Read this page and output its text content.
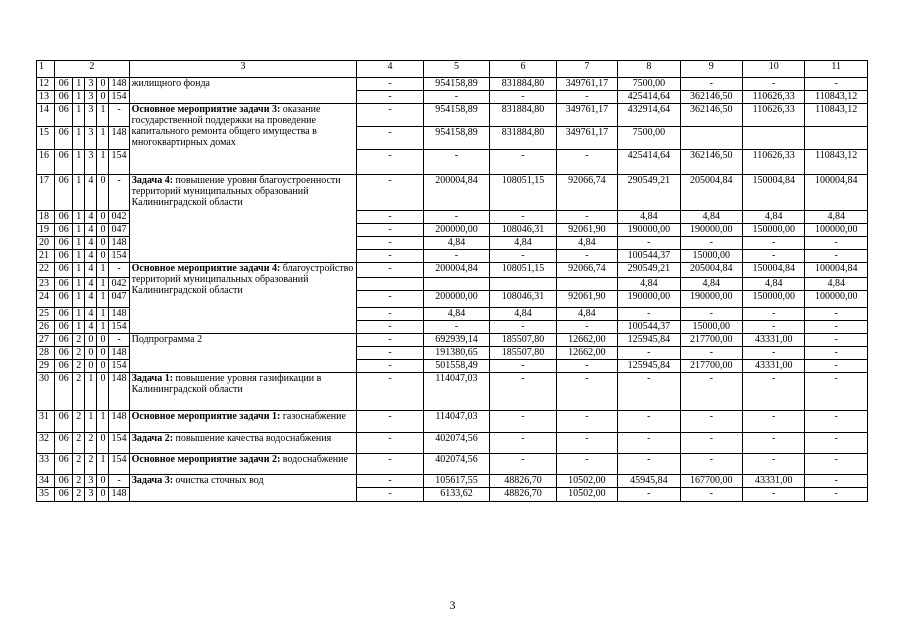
1	2					3	4	5	6	7	8	9	10	11
12	06	1	3	0	148	жилищного фонда	-	954158,89	831884,80	349761,17	7500,00	-	-	-
13	06	1	3	0	154		-	-	-	-	425414,64	362146,50	110626,33	110843,12
14	06	1	3	1	-	Основное мероприятие задачи 3: оказание государственной поддержки на проведение капитального ремонта общего имущества в многоквартирных домах	-	954158,89	831884,80	349761,17	432914,64	362146,50	110626,33	110843,12
15	06	1	3	1	148		-	954158,89	831884,80	349761,17	7500,00			
16	06	1	3	1	154		-	-	-	-	425414,64	362146,50	110626,33	110843,12
17	06	1	4	0	-	Задача 4: повышение уровня благоустроенности территорий муниципальных образований Калининградской области	-	200004,84	108051,15	92066,74	290549,21	205004,84	150004,84	100004,84
18	06	1	4	0	042		-	-	-	-	4,84	4,84	4,84	4,84
19	06	1	4	0	047		-	200000,00	108046,31	92061,90	190000,00	190000,00	150000,00	100000,00
20	06	1	4	0	148		-	4,84	4,84	4,84	-	-	-	-
21	06	1	4	0	154		-	-	-	-	100544,37	15000,00	-	-
22	06	1	4	1	-	Основное мероприятие задачи 4: благоустройство территорий муниципальных образований Калининградской области	-	200004,84	108051,15	92066,74	290549,21	205004,84	150004,84	100004,84
23	06	1	4	1	042						4,84	4,84	4,84	4,84
24	06	1	4	1	047		-	200000,00	108046,31	92061,90	190000,00	190000,00	150000,00	100000,00
25	06	1	4	1	148		-	4,84	4,84	4,84	-	-	-	-
26	06	1	4	1	154		-	-	-	-	100544,37	15000,00	-	-
27	06	2	0	0	-	Подпрограмма 2	-	692939,14	185507,80	12662,00	125945,84	217700,00	43331,00	-
28	06	2	0	0	148		-	191380,65	185507,80	12662,00	-	-	-	-
29	06	2	0	0	154		-	501558,49	-	-	125945,84	217700,00	43331,00	-
30	06	2	1	0	148	Задача 1: повышение уровня газификации в Калининградской области	-	114047,03	-	-	-	-	-	-
31	06	2	1	1	148	Основное мероприятие задачи 1: газоснабжение	-	114047,03	-	-	-	-	-	-
32	06	2	2	0	154	Задача 2: повышение качества водоснабжения	-	402074,56	-	-	-	-	-	-
33	06	2	2	1	154	Основное мероприятие задачи 2: водоснабжение	-	402074,56	-	-	-	-	-	-
34	06	2	3	0	-	Задача 3: очистка сточных вод	-	105617,55	48826,70	10502,00	45945,84	167700,00	43331,00	-
35	06	2	3	0	148		-	6133,62	48826,70	10502,00	-	-	-	-
3
